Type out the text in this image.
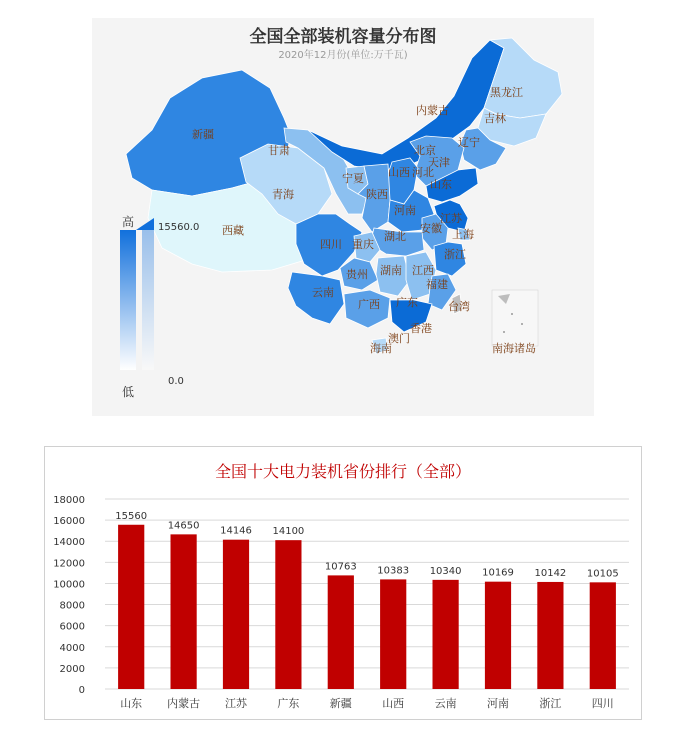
新疆
西藏
青海
甘肃
内蒙古
黑龙江
吉林
辽宁
北京
天津
河北
山西
宁夏
陕西
山东
河南
江苏
安徽 上海
湖北
四川 重庆
浙江
贵州 湖南 江西
福建
云南
广西 广东	台湾
香港
澳门
海南	南海诸岛
高
低
15560.0
0.0
全国全部装机容量分布图
2020年12月份(单位:万千瓦)
0
2000
4000
6000
8000
10000
12000
14000
16000
18000
15560
14650 14146 14100
10763 10383 10340 10169 10142 10105
山东 内蒙古 江苏	广东	新疆	山西	云南	河南	浙江	四川
全国十大电力装机省份排行（全部）
